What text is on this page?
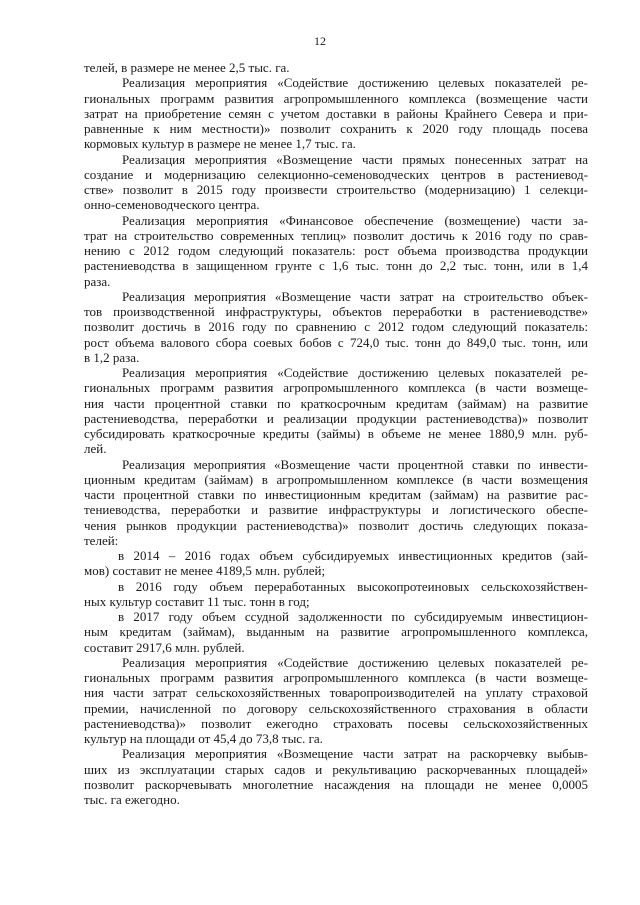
12
телей, в размере не менее 2,5 тыс. га.
Реализация мероприятия «Содействие достижению целевых показателей ре-
гиональных программ развития агропромышленного комплекса (возмещение части
затрат на приобретение семян с учетом доставки в районы Крайнего Севера и при-
равненные к ним местности)» позволит сохранить к 2020 году площадь посева
кормовых культур в размере не менее 1,7 тыс. га.
Реализация мероприятия «Возмещение части прямых понесенных затрат на
создание и модернизацию селекционно-семеноводческих центров в растениевод-
стве» позволит в 2015 году произвести строительство (модернизацию) 1 селекци-
онно-семеноводческого центра.
Реализация мероприятия «Финансовое обеспечение (возмещение) части за-
трат на строительство современных теплиц» позволит достичь к 2016 году по срав-
нению с 2012 годом следующий показатель: рост объема производства продукции
растениеводства в защищенном грунте с 1,6 тыс. тонн до 2,2 тыс. тонн, или в 1,4
раза.
Реализация мероприятия «Возмещение части затрат на строительство объек-
тов производственной инфраструктуры, объектов переработки в растениеводстве»
позволит достичь в 2016 году по сравнению с 2012 годом следующий показатель:
рост объема валового сбора соевых бобов с 724,0 тыс. тонн до 849,0 тыс. тонн, или
в 1,2 раза.
Реализация мероприятия «Содействие достижению целевых показателей ре-
гиональных программ развития агропромышленного комплекса (в части возмеще-
ния части процентной ставки по краткосрочным кредитам (займам) на развитие
растениеводства, переработки и реализации продукции растениеводства)» позволит
субсидировать краткосрочные кредиты (займы) в объеме не менее 1880,9 млн. руб-
лей.
Реализация мероприятия «Возмещение части процентной ставки по инвести-
ционным кредитам (займам) в агропромышленном комплексе (в части возмещения
части процентной ставки по инвестиционным кредитам (займам) на развитие рас-
тениеводства, переработки и развитие инфраструктуры и логистического обеспе-
чения рынков продукции растениеводства)» позволит достичь следующих показа-
телей:
в 2014 – 2016 годах объем субсидируемых инвестиционных кредитов (зай-
мов) составит не менее 4189,5 млн. рублей;
в 2016 году объем переработанных высокопротеиновых сельскохозяйствен-
ных культур составит 11 тыс. тонн в год;
в 2017 году объем ссудной задолженности по субсидируемым инвестицион-
ным кредитам (займам), выданным на развитие агропромышленного комплекса,
составит 2917,6 млн. рублей.
Реализация мероприятия «Содействие достижению целевых показателей ре-
гиональных программ развития агропромышленного комплекса (в части возмеще-
ния части затрат сельскохозяйственных товаропроизводителей на уплату страховой
премии, начисленной по договору сельскохозяйственного страхования в области
растениеводства)» позволит ежегодно страховать посевы сельскохозяйственных
культур на площади от 45,4 до 73,8 тыс. га.
Реализация мероприятия «Возмещение части затрат на раскорчевку выбыв-
ших из эксплуатации старых садов и рекультивацию раскорчеванных площадей»
позволит раскорчевывать многолетние насаждения на площади не менее 0,0005
тыс. га ежегодно.
